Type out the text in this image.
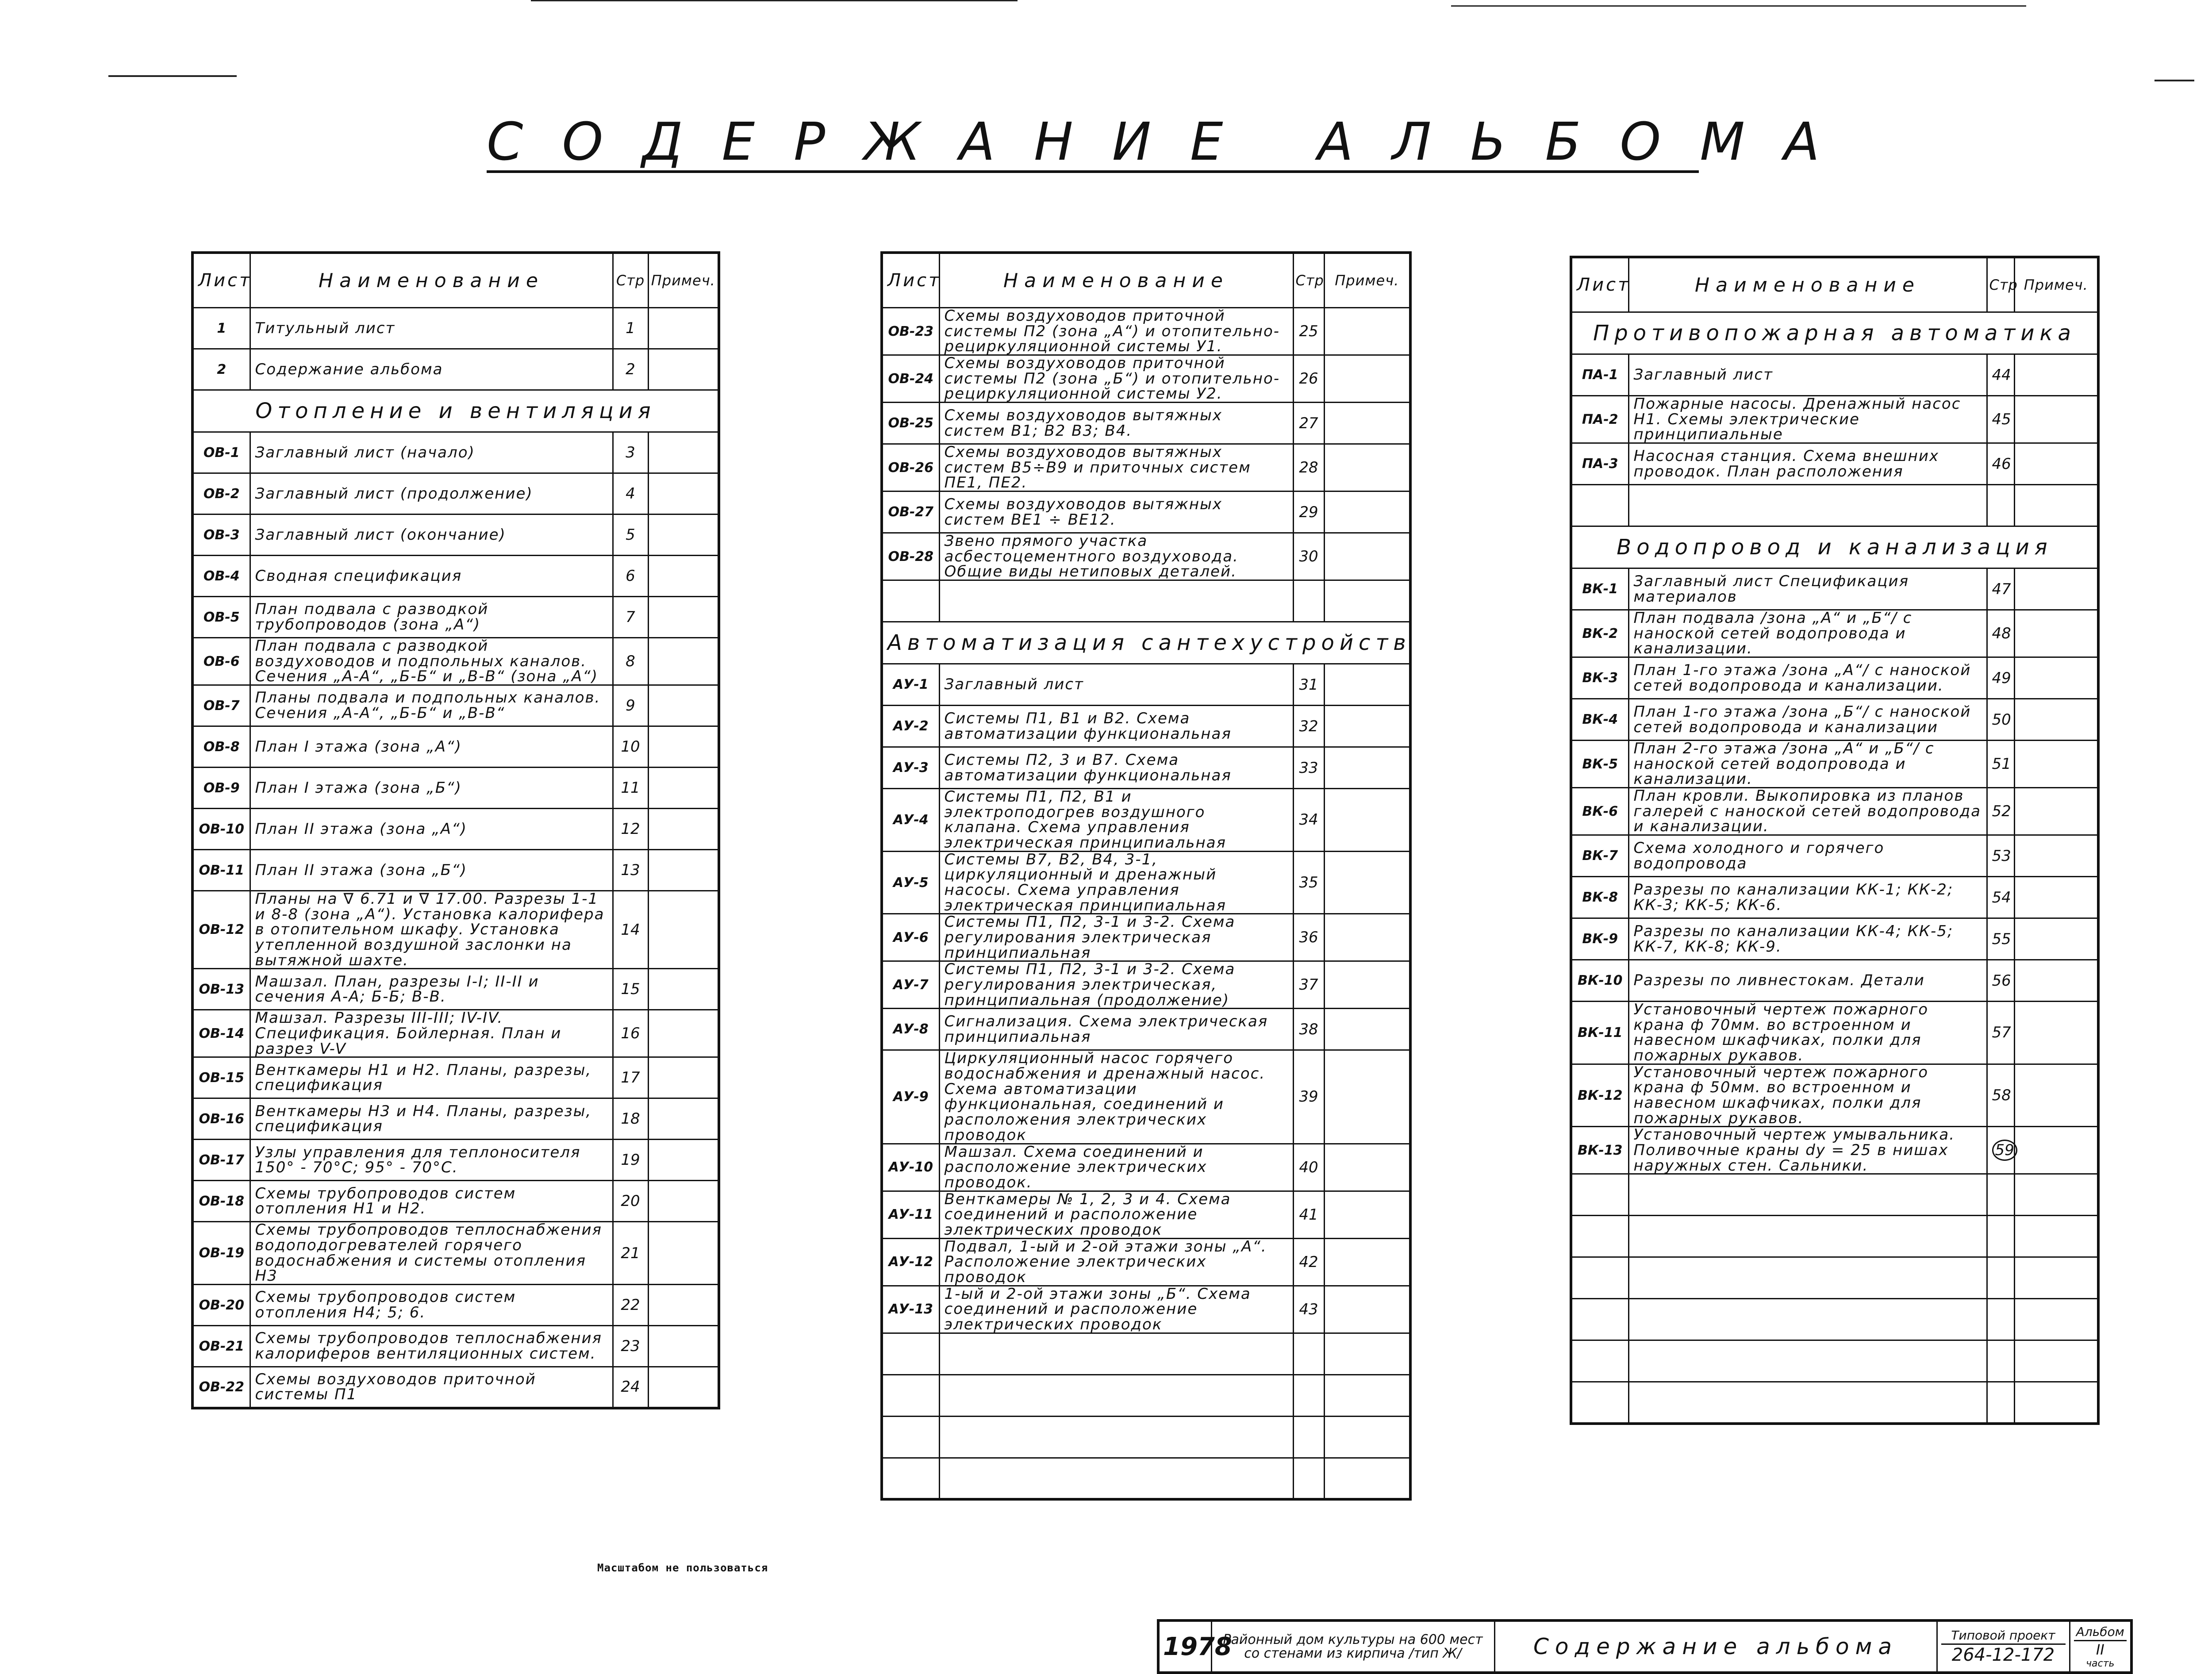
СОДЕРЖАНИЕ АЛЬБОМА
Лист	Наименование	Стр	Примеч.
1	Титульный лист	1	
2	Содержание альбома	2	
Отопление и вентиляция			
ОВ-1	Заглавный лист (начало)	3	
ОВ-2	Заглавный лист (продолжение)	4	
ОВ-3	Заглавный лист (окончание)	5	
ОВ-4	Сводная спецификация	6	
ОВ-5	План подвала с разводкой трубопроводов (зона „А“)	7	
ОВ-6	План подвала с разводкой воздуховодов и подпольных каналов. Сечения „А-А“, „Б-Б“ и „В-В“ (зона „А“)	8	
ОВ-7	Планы подвала и подпольных каналов. Сечения „А-А“, „Б-Б“ и „В-В“	9	
ОВ-8	План I этажа (зона „А“)	10	
ОВ-9	План I этажа (зона „Б“)	11	
ОВ-10	План II этажа (зона „А“)	12	
ОВ-11	План II этажа (зона „Б“)	13	
ОВ-12	Планы на ∇ 6.71 и ∇ 17.00. Разрезы 1-1 и 8-8 (зона „А“). Установка калорифера в отопительном шкафу. Установка утепленной воздушной заслонки на вытяжной шахте.	14	
ОВ-13	Машзал. План, разрезы I-I; II-II и сечения А-А; Б-Б; В-В.	15	
ОВ-14	Машзал. Разрезы III-III; IV-IV. Спецификация. Бойлерная. План и разрез V-V	16	
ОВ-15	Венткамеры Н1 и Н2. Планы, разрезы, спецификация	17	
ОВ-16	Венткамеры Н3 и Н4. Планы, разрезы, спецификация	18	
ОВ-17	Узлы управления для теплоносителя 150° - 70°С; 95° - 70°С.	19	
ОВ-18	Схемы трубопроводов систем отопления Н1 и Н2.	20	
ОВ-19	Схемы трубопроводов теплоснабжения водоподогревателей горячего водоснабжения и системы отопления Н3	21	
ОВ-20	Схемы трубопроводов систем отопления Н4; 5; 6.	22	
ОВ-21	Схемы трубопроводов теплоснабжения калориферов вентиляционных систем.	23	
ОВ-22	Схемы воздуховодов приточной системы П1	24	
Лист	Наименование	Стр	Примеч.
ОВ-23	Схемы воздуховодов приточной системы П2 (зона „А“) и отопительно-рециркуляционной системы У1.	25	
ОВ-24	Схемы воздуховодов приточной системы П2 (зона „Б“) и отопительно-рециркуляционной системы У2.	26	
ОВ-25	Схемы воздуховодов вытяжных систем В1; В2 В3; В4.	27	
ОВ-26	Схемы воздуховодов вытяжных систем В5÷В9 и приточных систем ПЕ1, ПЕ2.	28	
ОВ-27	Схемы воздуховодов вытяжных систем ВЕ1 ÷ ВЕ12.	29	
ОВ-28	Звено прямого участка асбестоцементного воздуховода. Общие виды нетиповых деталей.	30	

Автоматизация сантехустройств			
АУ-1	Заглавный лист	31	
АУ-2	Системы П1, В1 и В2. Схема автоматизации функциональная	32	
АУ-3	Системы П2, 3 и В7. Схема автоматизации функциональная	33	
АУ-4	Системы П1, П2, В1 и электроподогрев воздушного клапана. Схема управления электрическая принципиальная	34	
АУ-5	Системы В7, В2, В4, 3-1, циркуляционный и дренажный насосы. Схема управления электрическая принципиальная	35	
АУ-6	Системы П1, П2, 3-1 и 3-2. Схема регулирования электрическая принципиальная	36	
АУ-7	Системы П1, П2, 3-1 и 3-2. Схема регулирования электрическая, принципиальная (продолжение)	37	
АУ-8	Сигнализация. Схема электрическая принципиальная	38	
АУ-9	Циркуляционный насос горячего водоснабжения и дренажный насос. Схема автоматизации функциональная, соединений и расположения электрических проводок	39	
АУ-10	Машзал. Схема соединений и расположение электрических проводок.	40	
АУ-11	Венткамеры № 1, 2, 3 и 4. Схема соединений и расположение электрических проводок	41	
АУ-12	Подвал, 1-ый и 2-ой этажи зоны „А“. Расположение электрических проводок	42	
АУ-13	1-ый и 2-ой этажи зоны „Б“. Схема соединений и расположение электрических проводок	43	

Лист	Наименование	Стр	Примеч.
Противопожарная автоматика			
ПА-1	Заглавный лист	44	
ПА-2	Пожарные насосы. Дренажный насос Н1. Схемы электрические принципиальные	45	
ПА-3	Насосная станция. Схема внешних проводок. План расположения	46	

Водопровод и канализация			
ВК-1	Заглавный лист Спецификация материалов	47	
ВК-2	План подвала /зона „А“ и „Б“/ с наноской сетей водопровода и канализации.	48	
ВК-3	План 1-го этажа /зона „А“/ с наноской сетей водопровода и канализации.	49	
ВК-4	План 1-го этажа /зона „Б“/ с наноской сетей водопровода и канализации	50	
ВК-5	План 2-го этажа /зона „А“ и „Б“/ с наноской сетей водопровода и канализации.	51	
ВК-6	План кровли. Выкопировка из планов галерей с наноской сетей водопровода и канализации.	52	
ВК-7	Схема холодного и горячего водопровода	53	
ВК-8	Разрезы по канализации КК-1; КК-2; КК-3; КК-5; КК-6.	54	
ВК-9	Разрезы по канализации КК-4; КК-5; КК-7, КК-8; КК-9.	55	
ВК-10	Разрезы по ливнестокам. Детали	56	
ВК-11	Установочный чертеж пожарного крана ф 70мм. во встроенном и навесном шкафчиках, полки для пожарных рукавов.	57	
ВК-12	Установочный чертеж пожарного крана ф 50мм. во встроенном и навесном шкафчиках, полки для пожарных рукавов.	58	
ВК-13	Установочный чертеж умывальника. Поливочные краны dу = 25 в нишах наружных стен. Сальники.	59	

Масштабом не пользоваться
1978	Районный дом культуры на 600 мест со стенами из кирпича /тип Ж/	Содержание альбома	Типовой проект
264-12-172

Альбом
II
часть
